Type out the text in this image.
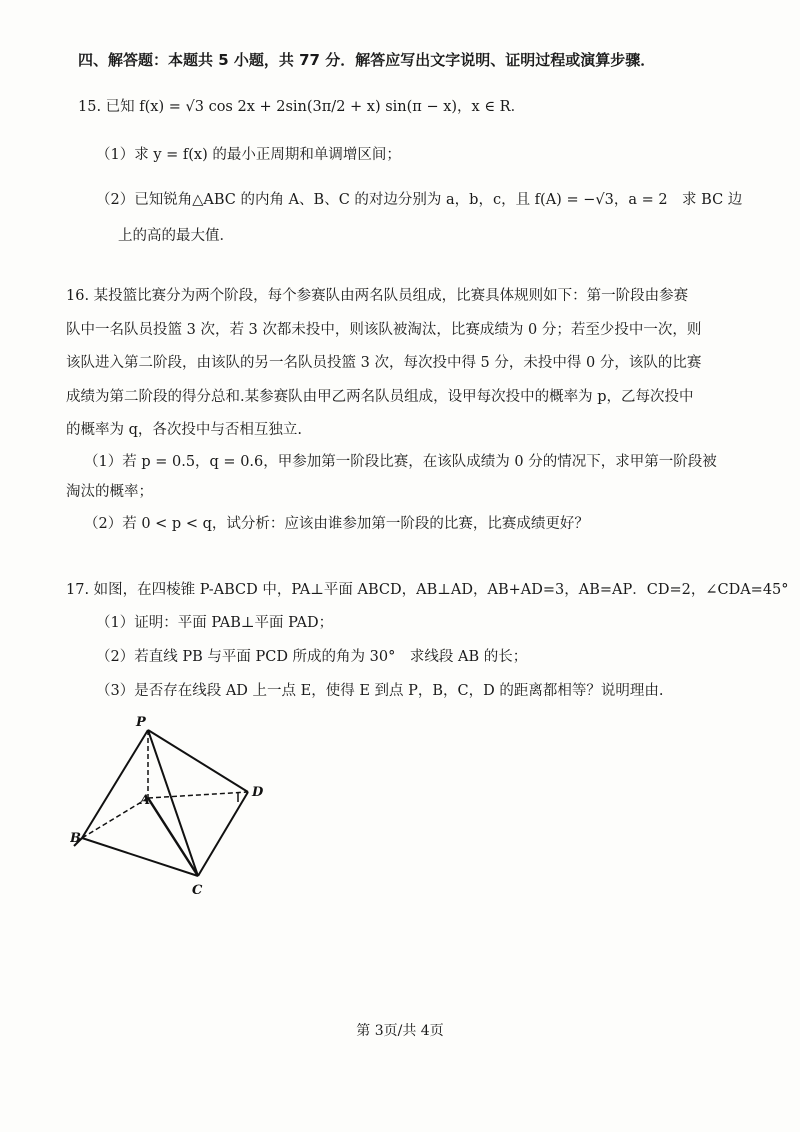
四、解答题：本题共 5 小题，共 77 分．解答应写出文字说明、证明过程或演算步骤．
15. 已知 f(x) = √3 cos 2x + 2sin(3π/2 + x) sin(π − x)，x ∈ R．
（1）求 y = f(x) 的最小正周期和单调增区间；
（2）已知锐角△ABC 的内角 A、B、C 的对边分别为 a，b，c，且 f(A) = −√3，a = 2　求 BC 边
上的高的最大值．
16. 某投篮比赛分为两个阶段，每个参赛队由两名队员组成，比赛具体规则如下：第一阶段由参赛
队中一名队员投篮 3 次，若 3 次都未投中，则该队被淘汰，比赛成绩为 0 分；若至少投中一次，则
该队进入第二阶段，由该队的另一名队员投篮 3 次，每次投中得 5 分，未投中得 0 分，该队的比赛
成绩为第二阶段的得分总和.某参赛队由甲乙两名队员组成，设甲每次投中的概率为 p，乙每次投中
的概率为 q，各次投中与否相互独立.
（1）若 p = 0.5，q = 0.6，甲参加第一阶段比赛，在该队成绩为 0 分的情况下，求甲第一阶段被
淘汰的概率；
（2）若 0 < p < q，试分析：应该由谁参加第一阶段的比赛，比赛成绩更好？
17. 如图，在四棱锥 P-ABCD 中，PA⊥平面 ABCD，AB⊥AD，AB+AD=3，AB=AP．CD=2，∠CDA=45°
（1）证明：平面 PAB⊥平面 PAD；
（2）若直线 PB 与平面 PCD 所成的角为 30°　求线段 AB 的长；
（3）是否存在线段 AD 上一点 E，使得 E 到点 P，B，C，D 的距离都相等？说明理由.
P
A
B
C
D
第 3页/共 4页
